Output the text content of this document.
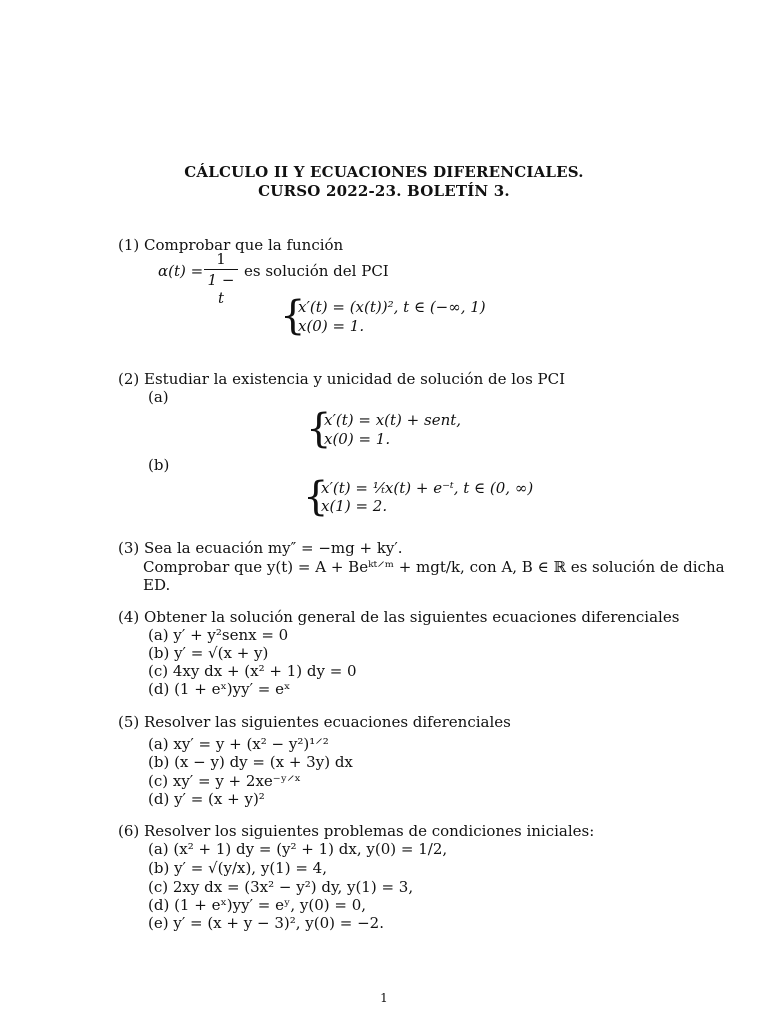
CÁLCULO II Y ECUACIONES DIFERENCIALES.
CURSO 2022-23. BOLETÍN 3.
(1) Comprobar que la función
α(t) =
1
1 − t
es solución del PCI
{
x′(t) = (x(t))², t ∈ (−∞, 1)
x(0) = 1.
(2) Estudiar la existencia y unicidad de solución de los PCI
(a)
{
x′(t) = x(t) + sent,
x(0) = 1.
(b)
{
x′(t) = ¹⁄ₜx(t) + e⁻ᵗ, t ∈ (0, ∞)
x(1) = 2.
(3) Sea la ecuación my″ = −mg + ky′.
Comprobar que y(t) = A + Beᵏᵗ⸍ᵐ + mgt/k, con A, B ∈ ℝ es solución de dicha
ED.
(4) Obtener la solución general de las siguientes ecuaciones diferenciales
(a) y′ + y²senx = 0
(b) y′ = √(x + y)
(c) 4xy dx + (x² + 1) dy = 0
(d) (1 + eˣ)yy′ = eˣ
(5) Resolver las siguientes ecuaciones diferenciales
(a) xy′ = y + (x² − y²)¹⸍²
(b) (x − y) dy = (x + 3y) dx
(c) xy′ = y + 2xe⁻ʸ⸍ˣ
(d) y′ = (x + y)²
(6) Resolver los siguientes problemas de condiciones iniciales:
(a) (x² + 1) dy = (y² + 1) dx, y(0) = 1/2,
(b) y′ = √(y/x), y(1) = 4,
(c) 2xy dx = (3x² − y²) dy, y(1) = 3,
(d) (1 + eˣ)yy′ = eʸ, y(0) = 0,
(e) y′ = (x + y − 3)², y(0) = −2.
1
